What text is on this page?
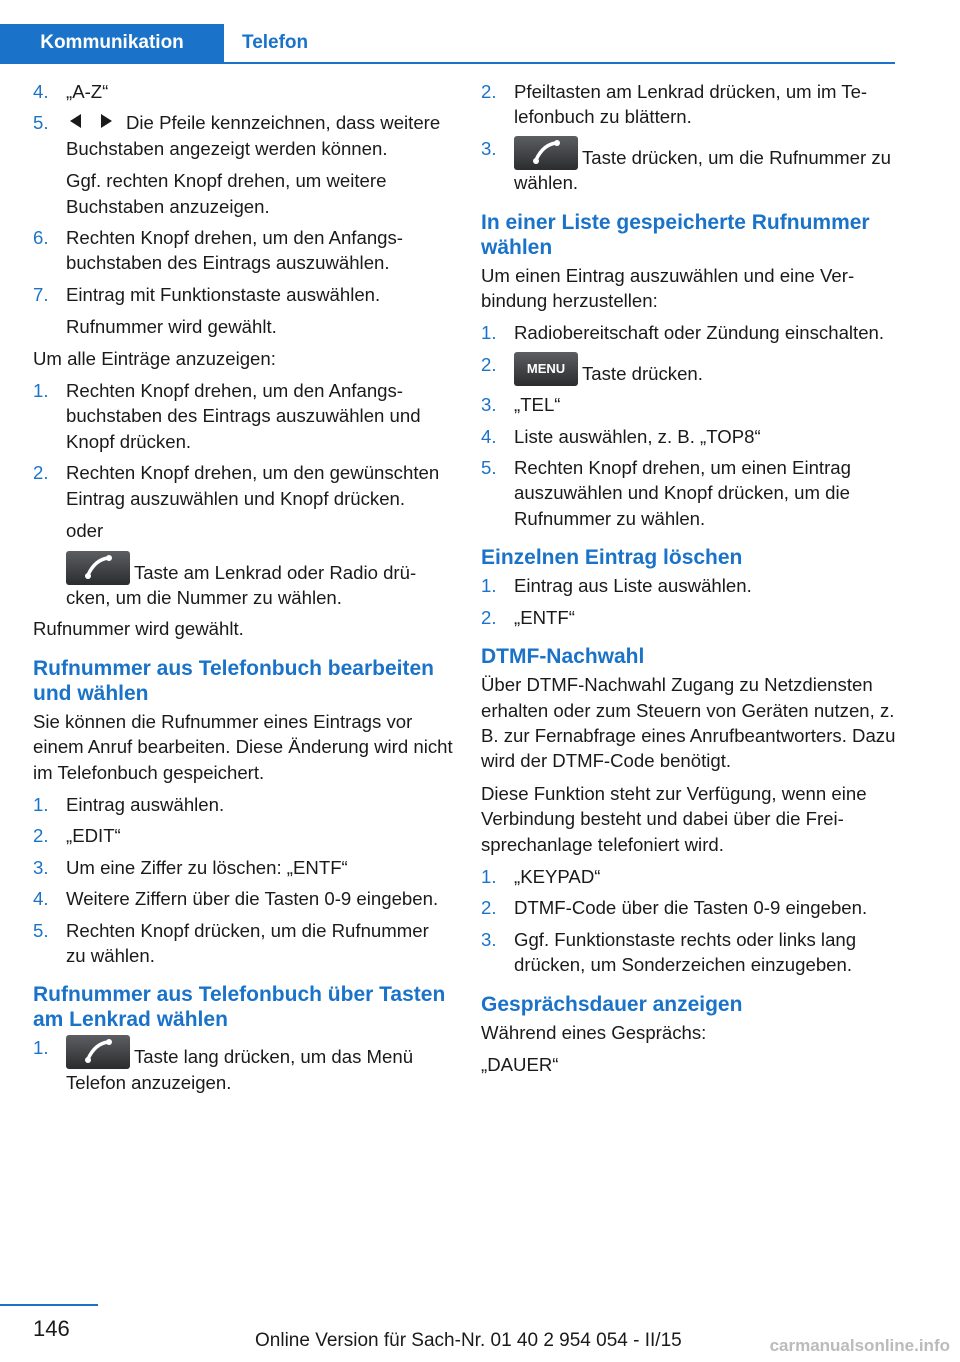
Kommunikation	Telefon
4. „A-Z“
5.	Die Pfeile kennzeichnen, dass weitere Buchstaben angezeigt werden können.
Ggf. rechten Knopf drehen, um weitere Buchstaben anzuzeigen.
6. Rechten Knopf drehen, um den Anfangsbuchstaben des Eintrags auszuwählen.
7. Eintrag mit Funktionstaste auswählen.
Rufnummer wird gewählt.
Um alle Einträge anzuzeigen:
1. Rechten Knopf drehen, um den Anfangsbuchstaben des Eintrags auszuwählen und Knopf drücken.
2. Rechten Knopf drehen, um den gewünschten Eintrag auszuwählen und Knopf drücken.
oder
Taste am Lenkrad oder Radio drücken, um die Nummer zu wählen.
Rufnummer wird gewählt.
Rufnummer aus Telefonbuch bearbeiten und wählen
Sie können die Rufnummer eines Eintrags vor einem Anruf bearbeiten. Diese Änderung wird nicht im Telefonbuch gespeichert.
1. Eintrag auswählen.
2. „EDIT“
3. Um eine Ziffer zu löschen: „ENTF“
4. Weitere Ziffern über die Tasten 0-9 eingeben.
5. Rechten Knopf drücken, um die Rufnummer zu wählen.
Rufnummer aus Telefonbuch über Tasten am Lenkrad wählen
1.	Taste lang drücken, um das Menü Telefon anzuzeigen.
2. Pfeiltasten am Lenkrad drücken, um im Telefonbuch zu blättern.
3.	Taste drücken, um die Rufnummer zu wählen.
In einer Liste gespeicherte Rufnummer wählen
Um einen Eintrag auszuwählen und eine Verbindung herzustellen:
1. Radiobereitschaft oder Zündung einschalten.
2.	MENU Taste drücken.
3. „TEL“
4. Liste auswählen, z. B. „TOP8“
5. Rechten Knopf drehen, um einen Eintrag auszuwählen und Knopf drücken, um die Rufnummer zu wählen.
Einzelnen Eintrag löschen
1. Eintrag aus Liste auswählen.
2. „ENTF“
DTMF-Nachwahl
Über DTMF-Nachwahl Zugang zu Netzdiensten erhalten oder zum Steuern von Geräten nutzen, z. B. zur Fernabfrage eines Anrufbeantworters. Dazu wird der DTMF-Code benötigt.
Diese Funktion steht zur Verfügung, wenn eine Verbindung besteht und dabei über die Freisprechanlage telefoniert wird.
1. „KEYPAD“
2. DTMF-Code über die Tasten 0-9 eingeben.
3. Ggf. Funktionstaste rechts oder links lang drücken, um Sonderzeichen einzugeben.
Gesprächsdauer anzeigen
Während eines Gesprächs:
„DAUER“
146	Online Version für Sach-Nr. 01 40 2 954 054 - II/15	carmanualsonline.info
